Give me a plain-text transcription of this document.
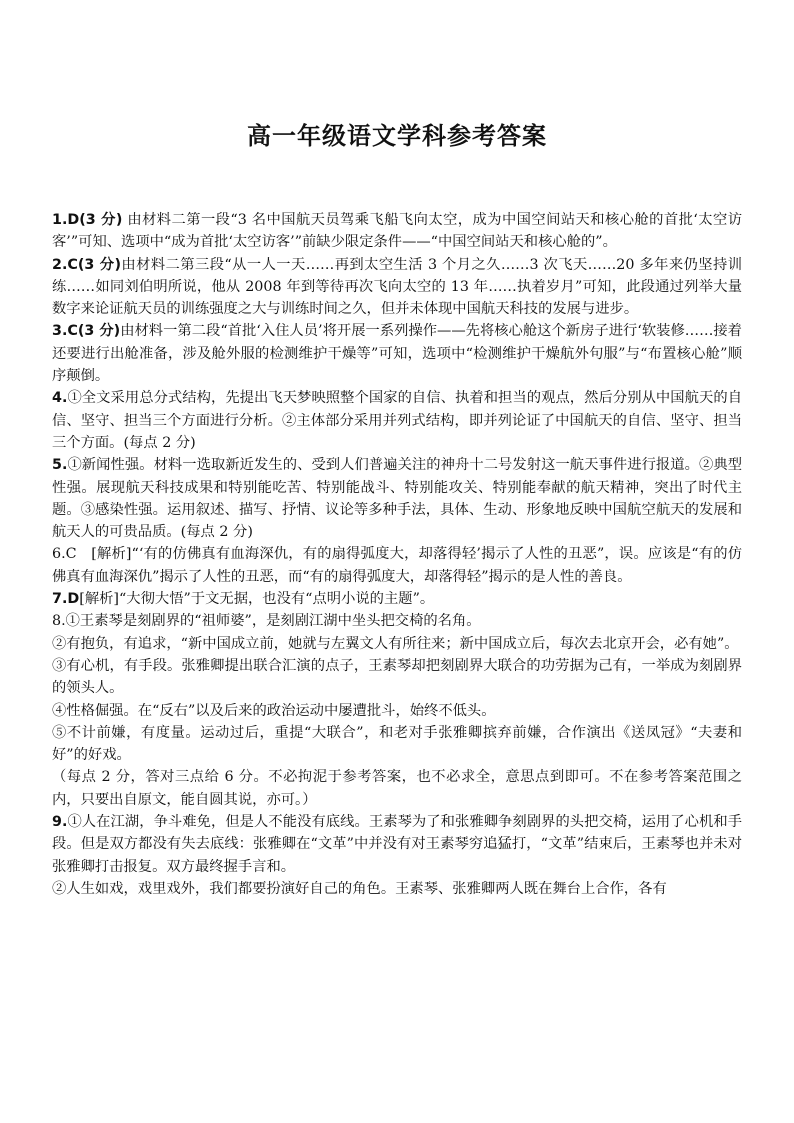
高一年级语文学科参考答案

1.D(3 分) 由材料二第一段“3 名中国航天员驾乘飞船飞向太空，成为中国空间站天和核心舱的首批‘太空访客’”可知、选项中“成为首批‘太空访客’”前缺少限定条件——“中国空间站天和核心舱的”。

2.C(3 分)由材料二第三段“从一人一天……再到太空生活 3 个月之久……3 次飞天……20 多年来仍坚持训练……如同刘伯明所说，他从 2008 年到等待再次飞向太空的 13 年……执着岁月”可知，此段通过列举大量数字来论证航天员的训练强度之大与训练时间之久，但并未体现中国航天科技的发展与进步。

3.C(3 分)由材料一第二段“首批‘入住人员’将开展一系列操作——先将核心舱这个新房子进行‘软装修……接着还要进行出舱准备，涉及舱外服的检测维护干燥等”可知，选项中“检测维护干燥航外句服”与“布置核心舱”顺序颠倒。

4.①全文采用总分式结构，先提出飞天梦映照整个国家的自信、执着和担当的观点，然后分别从中国航天的自信、坚守、担当三个方面进行分析。②主体部分采用并列式结构，即并列论证了中国航天的自信、坚守、担当三个方面。(每点 2 分)

5.①新闻性强。材料一选取新近发生的、受到人们普遍关注的神舟十二号发射这一航天事件进行报道。②典型性强。展现航天科技成果和特别能吃苦、特别能战斗、特别能攻关、特别能奉献的航天精神，突出了时代主题。③感染性强。运用叙述、描写、抒情、议论等多种手法，具体、生动、形象地反映中国航空航天的发展和航天人的可贵品质。(每点 2 分)

6.C　[解析]“‘有的仿佛真有血海深仇，有的扇得弧度大，却落得轻’揭示了人性的丑恶”，误。应该是“有的仿佛真有血海深仇”揭示了人性的丑恶，而“有的扇得弧度大，却落得轻”揭示的是人性的善良。

7.D[解析]“大彻大悟”于文无据，也没有“点明小说的主题”。

8.①王素琴是刻剧界的“祖师婆”，是刻剧江湖中坐头把交椅的名角。

②有抱负，有追求，“新中国成立前，她就与左翼文人有所往来；新中国成立后，每次去北京开会，必有她”。

③有心机，有手段。张雅卿提出联合汇演的点子，王素琴却把刻剧界大联合的功劳据为己有，一举成为刻剧界的领头人。

④性格倔强。在“反右”以及后来的政治运动中屡遭批斗，始终不低头。

⑤不计前嫌，有度量。运动过后，重提“大联合”，和老对手张雅卿摈弃前嫌，合作演出《送凤冠》“夫妻和好”的好戏。

（每点 2 分，答对三点给 6 分。不必拘泥于参考答案，也不必求全，意思点到即可。不在参考答案范围之内，只要出自原文，能自圆其说，亦可。）

9.①人在江湖，争斗难免，但是人不能没有底线。王素琴为了和张雅卿争刻剧界的头把交椅，运用了心机和手段。但是双方都没有失去底线：张雅卿在“文革”中并没有对王素琴穷追猛打，“文革”结束后，王素琴也并未对张雅卿打击报复。双方最终握手言和。

②人生如戏，戏里戏外，我们都要扮演好自己的角色。王素琴、张雅卿两人既在舞台上合作，各有
